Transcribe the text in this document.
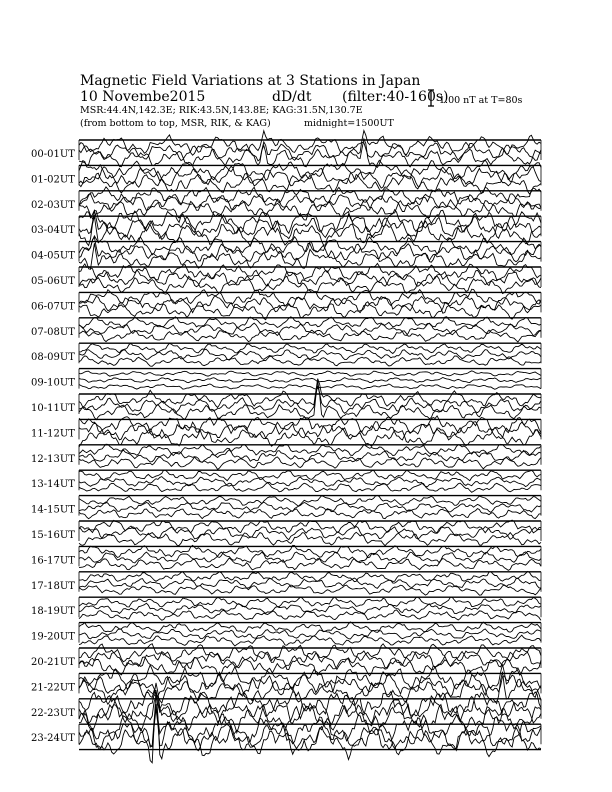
Magnetic Field Variations at 3 Stations in Japan
10 Novembe2015	dD/dt (filter:40-160s)
MSR:44.4N,142.3E; RIK:43.5N,143.8E; KAG:31.5N,130.7E
(from bottom to top, MSR, RIK, & KAG)	midnight=1500UT
1.00 nT at T=80s
00-01UT
01-02UT
02-03UT
03-04UT
04-05UT
05-06UT
06-07UT
07-08UT
08-09UT
09-10UT
10-11UT
11-12UT
12-13UT
13-14UT
14-15UT
15-16UT
16-17UT
17-18UT
18-19UT
19-20UT
20-21UT
21-22UT
22-23UT
23-24UT
